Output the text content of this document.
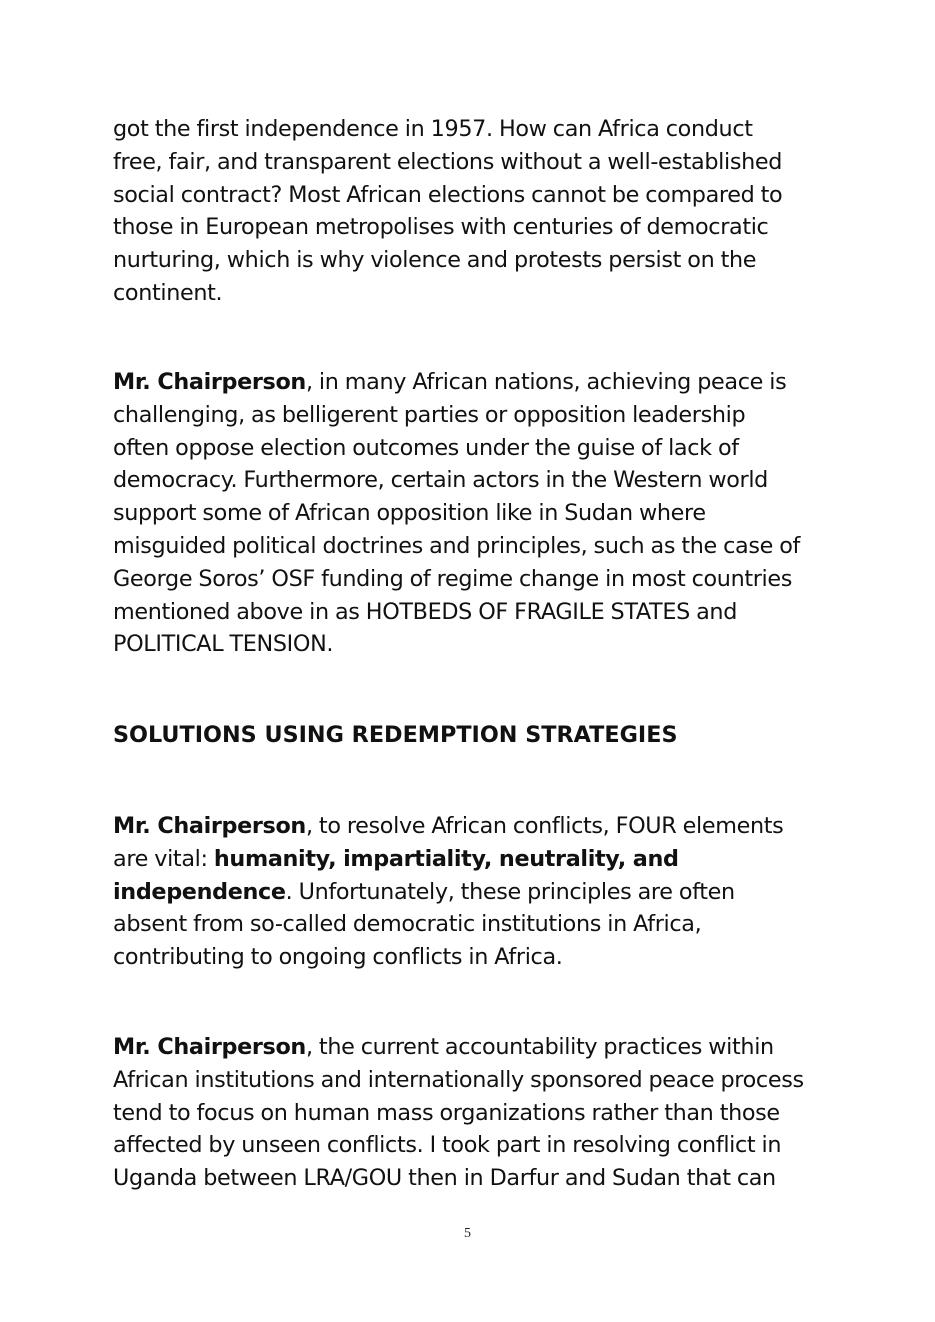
got the first independence in 1957. How can Africa conduct
free, fair, and transparent elections without a well-established
social contract? Most African elections cannot be compared to
those in European metropolises with centuries of democratic
nurturing, which is why violence and protests persist on the
continent.
Mr. Chairperson, in many African nations, achieving peace is
challenging, as belligerent parties or opposition leadership
often oppose election outcomes under the guise of lack of
democracy. Furthermore, certain actors in the Western world
support some of African opposition like in Sudan where
misguided political doctrines and principles, such as the case of
George Soros’ OSF funding of regime change in most countries
mentioned above in as HOTBEDS OF FRAGILE STATES and
POLITICAL TENSION.
SOLUTIONS USING REDEMPTION STRATEGIES
Mr. Chairperson, to resolve African conflicts, FOUR elements
are vital: humanity, impartiality, neutrality, and
independence. Unfortunately, these principles are often
absent from so-called democratic institutions in Africa,
contributing to ongoing conflicts in Africa.
Mr. Chairperson, the current accountability practices within
African institutions and internationally sponsored peace process
tend to focus on human mass organizations rather than those
affected by unseen conflicts. I took part in resolving conflict in
Uganda between LRA/GOU then in Darfur and Sudan that can
5
